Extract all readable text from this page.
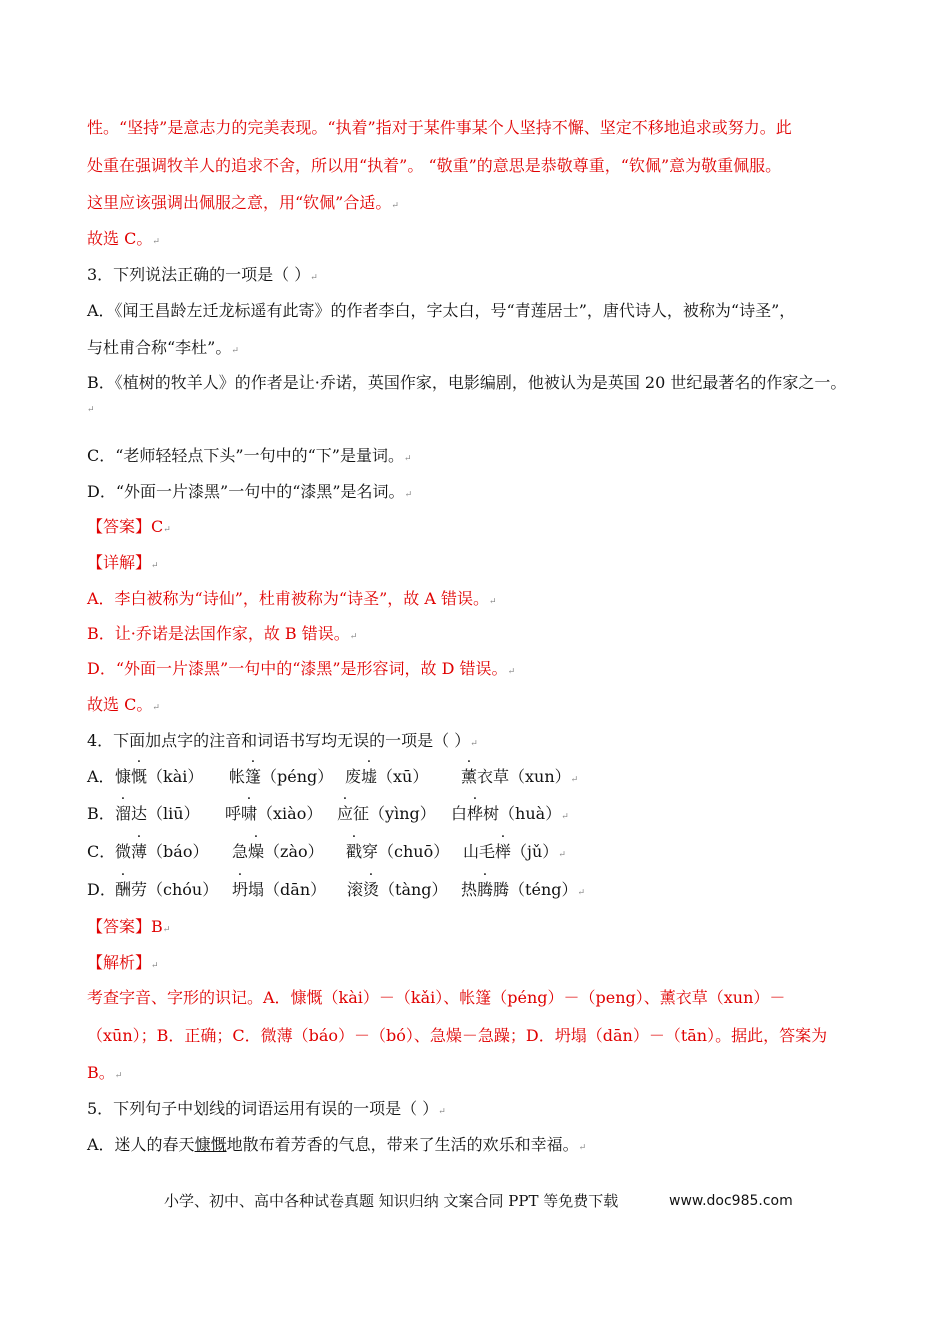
性。“坚持”是意志力的完美表现。“执着”指对于某件事某个人坚持不懈、坚定不移地追求或努力。此
处重在强调牧羊人的追求不舍，所以用“执着”。 “敬重”的意思是恭敬尊重，“钦佩”意为敬重佩服。
这里应该强调出佩服之意，用“钦佩”合适。↵
故选 C。↵
3．下列说法正确的一项是（ ）↵
A．《闻王昌龄左迁龙标遥有此寄》的作者李白，字太白，号“青莲居士”，唐代诗人，被称为“诗圣”，
与杜甫合称“李杜”。↵
B．《植树的牧羊人》的作者是让·乔诺，英国作家，电影编剧，他被认为是英国 20 世纪最著名的作家之一。
↵
C．“老师轻轻点下头”一句中的“下”是量词。↵
D．“外面一片漆黑”一句中的“漆黑”是名词。↵
【答案】C↵
【详解】↵
A．李白被称为“诗仙”，杜甫被称为“诗圣”，故 A 错误。↵
B．让·乔诺是法国作家，故 B 错误。↵
D．“外面一片漆黑”一句中的“漆黑”是形容词，故 D 错误。↵
故选 C。↵
4．下面加点字的注音和词语书写均无误的一项是（ ）↵
A． 慷慨（kài） 帐篷（péng） 废墟（xū） 薰衣草（xun）↵
B． 溜达（liū） 呼啸（xiào） 应征（yìng） 白桦树（huà）↵
C． 微薄（báo） 急燥（zào） 戳穿（chuō） 山毛榉（jǔ）↵
D． 酬劳（chóu） 坍塌（dān） 滚烫（tàng） 热腾腾（téng）↵
【答案】B↵
【解析】↵
考查字音、字形的识记。A．慷慨（kài）－（kǎi）、帐篷（péng）－（peng）、薰衣草（xun）－
（xūn）；B．正确；C．微薄（báo）－（bó）、急燥－急躁；D．坍塌（dān）－（tān）。据此，答案为
B。↵
5．下列句子中划线的词语运用有误的一项是（ ）↵
A．迷人的春天慷慨地散布着芳香的气息，带来了生活的欢乐和幸福。↵
小学、初中、高中各种试卷真题 知识归纳 文案合同 PPT 等免费下载	www.doc985.com
